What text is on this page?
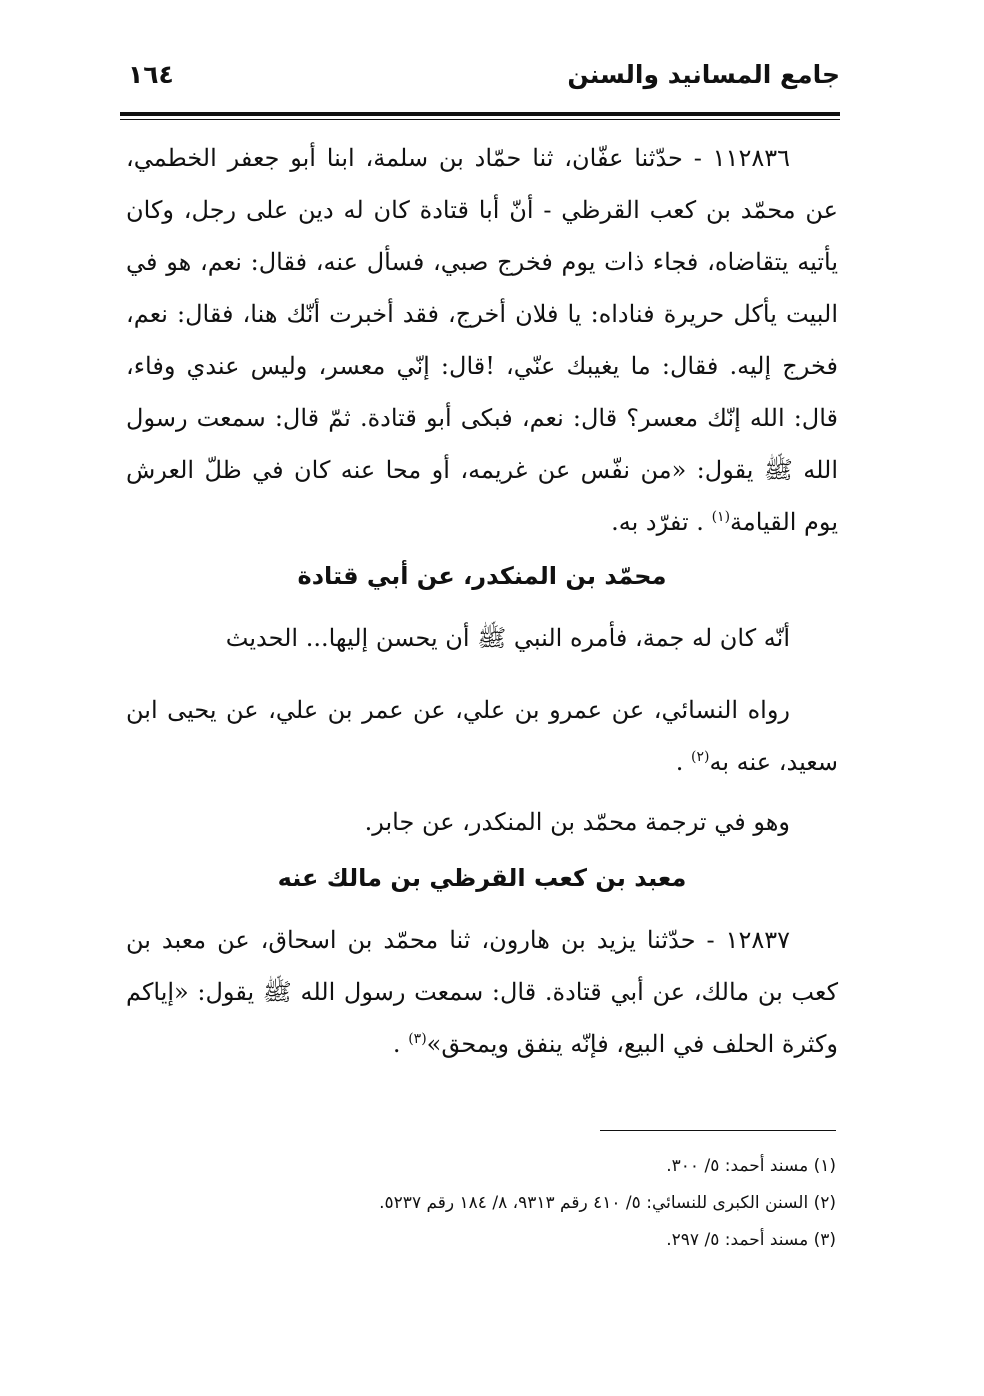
جامع المسانيد والسنن
١٦٤

١١٢٨٣٦ - حدّثنا عفّان، ثنا حمّاد بن سلمة، ابنا أبو جعفر الخطمي، عن محمّد بن كعب القرظي - أنّ أبا قتادة كان له دين على رجل، وكان يأتيه يتقاضاه، فجاء ذات يوم فخرج صبي، فسأل عنه، فقال: نعم، هو في البيت يأكل حريرة فناداه: يا فلان أخرج، فقد أخبرت أنّك هنا، فقال: نعم، فخرج إليه. فقال: ما يغيبك عنّي، !قال: إنّي معسر، وليس عندي وفاء، قال: الله إنّك معسر؟ قال: نعم، فبكى أبو قتادة. ثمّ قال: سمعت رسول الله ﷺ يقول: «من نفّس عن غريمه، أو محا عنه كان في ظلّ العرش يوم القيامة$^{(١)}$ . تفرّد به.

محمّد بن المنكدر، عن أبي قتادة

أنّه كان له جمة، فأمره النبي ﷺ أن يحسن إليها... الحديث

رواه النسائي، عن عمرو بن علي، عن عمر بن علي، عن يحيى ابن سعيد، عنه به$^{(٢)}$ .

وهو في ترجمة محمّد بن المنكدر، عن جابر.

معبد بن كعب القرظي بن مالك عنه

١٢٨٣٧ - حدّثنا يزيد بن هارون، ثنا محمّد بن اسحاق، عن معبد بن كعب بن مالك، عن أبي قتادة. قال: سمعت رسول الله ﷺ يقول: «إياكم وكثرة الحلف في البيع، فإنّه ينفق ويمحق»$^{(٣)}$ .

(١) مسند أحمد: ٥/ ٣٠٠.
(٢) السنن الكبرى للنسائي: ٥/ ٤١٠ رقم ٩٣١٣، ٨/ ١٨٤ رقم ٥٢٣٧.
(٣) مسند أحمد: ٥/ ٢٩٧.
